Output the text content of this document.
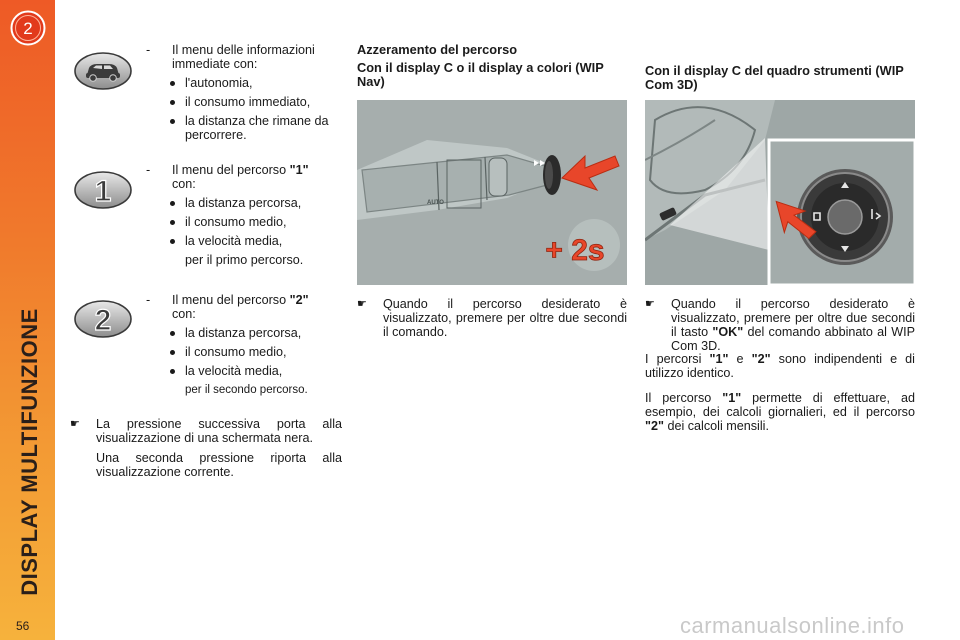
2
DISPLAY MULTIFUNZIONE
56
1
2
- Il menu delle informazioni immediate con:
l'autonomia,
il consumo immediato,
la distanza che rimane da percorrere.
- Il menu del percorso "1"
con:
la distanza percorsa,
il consumo medio,
la velocità media,
per il primo percorso.
- Il menu del percorso "2"
con:
la distanza percorsa,
il consumo medio,
la velocità media,
per il secondo percorso.
☛ La pressione successiva porta alla visualizzazione di una schermata nera.
Una seconda pressione riporta alla visualizzazione corrente.
Azzeramento del percorso
Con il display C o il display a colori (WIP Nav)
AUTO
+ 2s
☛ Quando il percorso desiderato è visualizzato, premere per oltre due secondi il comando.
Con il display C del quadro strumenti (WIP Com 3D)
☛ Quando il percorso desiderato è visualizzato, premere per oltre due secondi il tasto "OK" del comando abbinato al WIP Com 3D.
I percorsi "1" e "2" sono indipendenti e di utilizzo identico.
Il percorso "1" permette di effettuare, ad esempio, dei calcoli giornalieri, ed il percorso "2" dei calcoli mensili.
carmanualsonline.info
